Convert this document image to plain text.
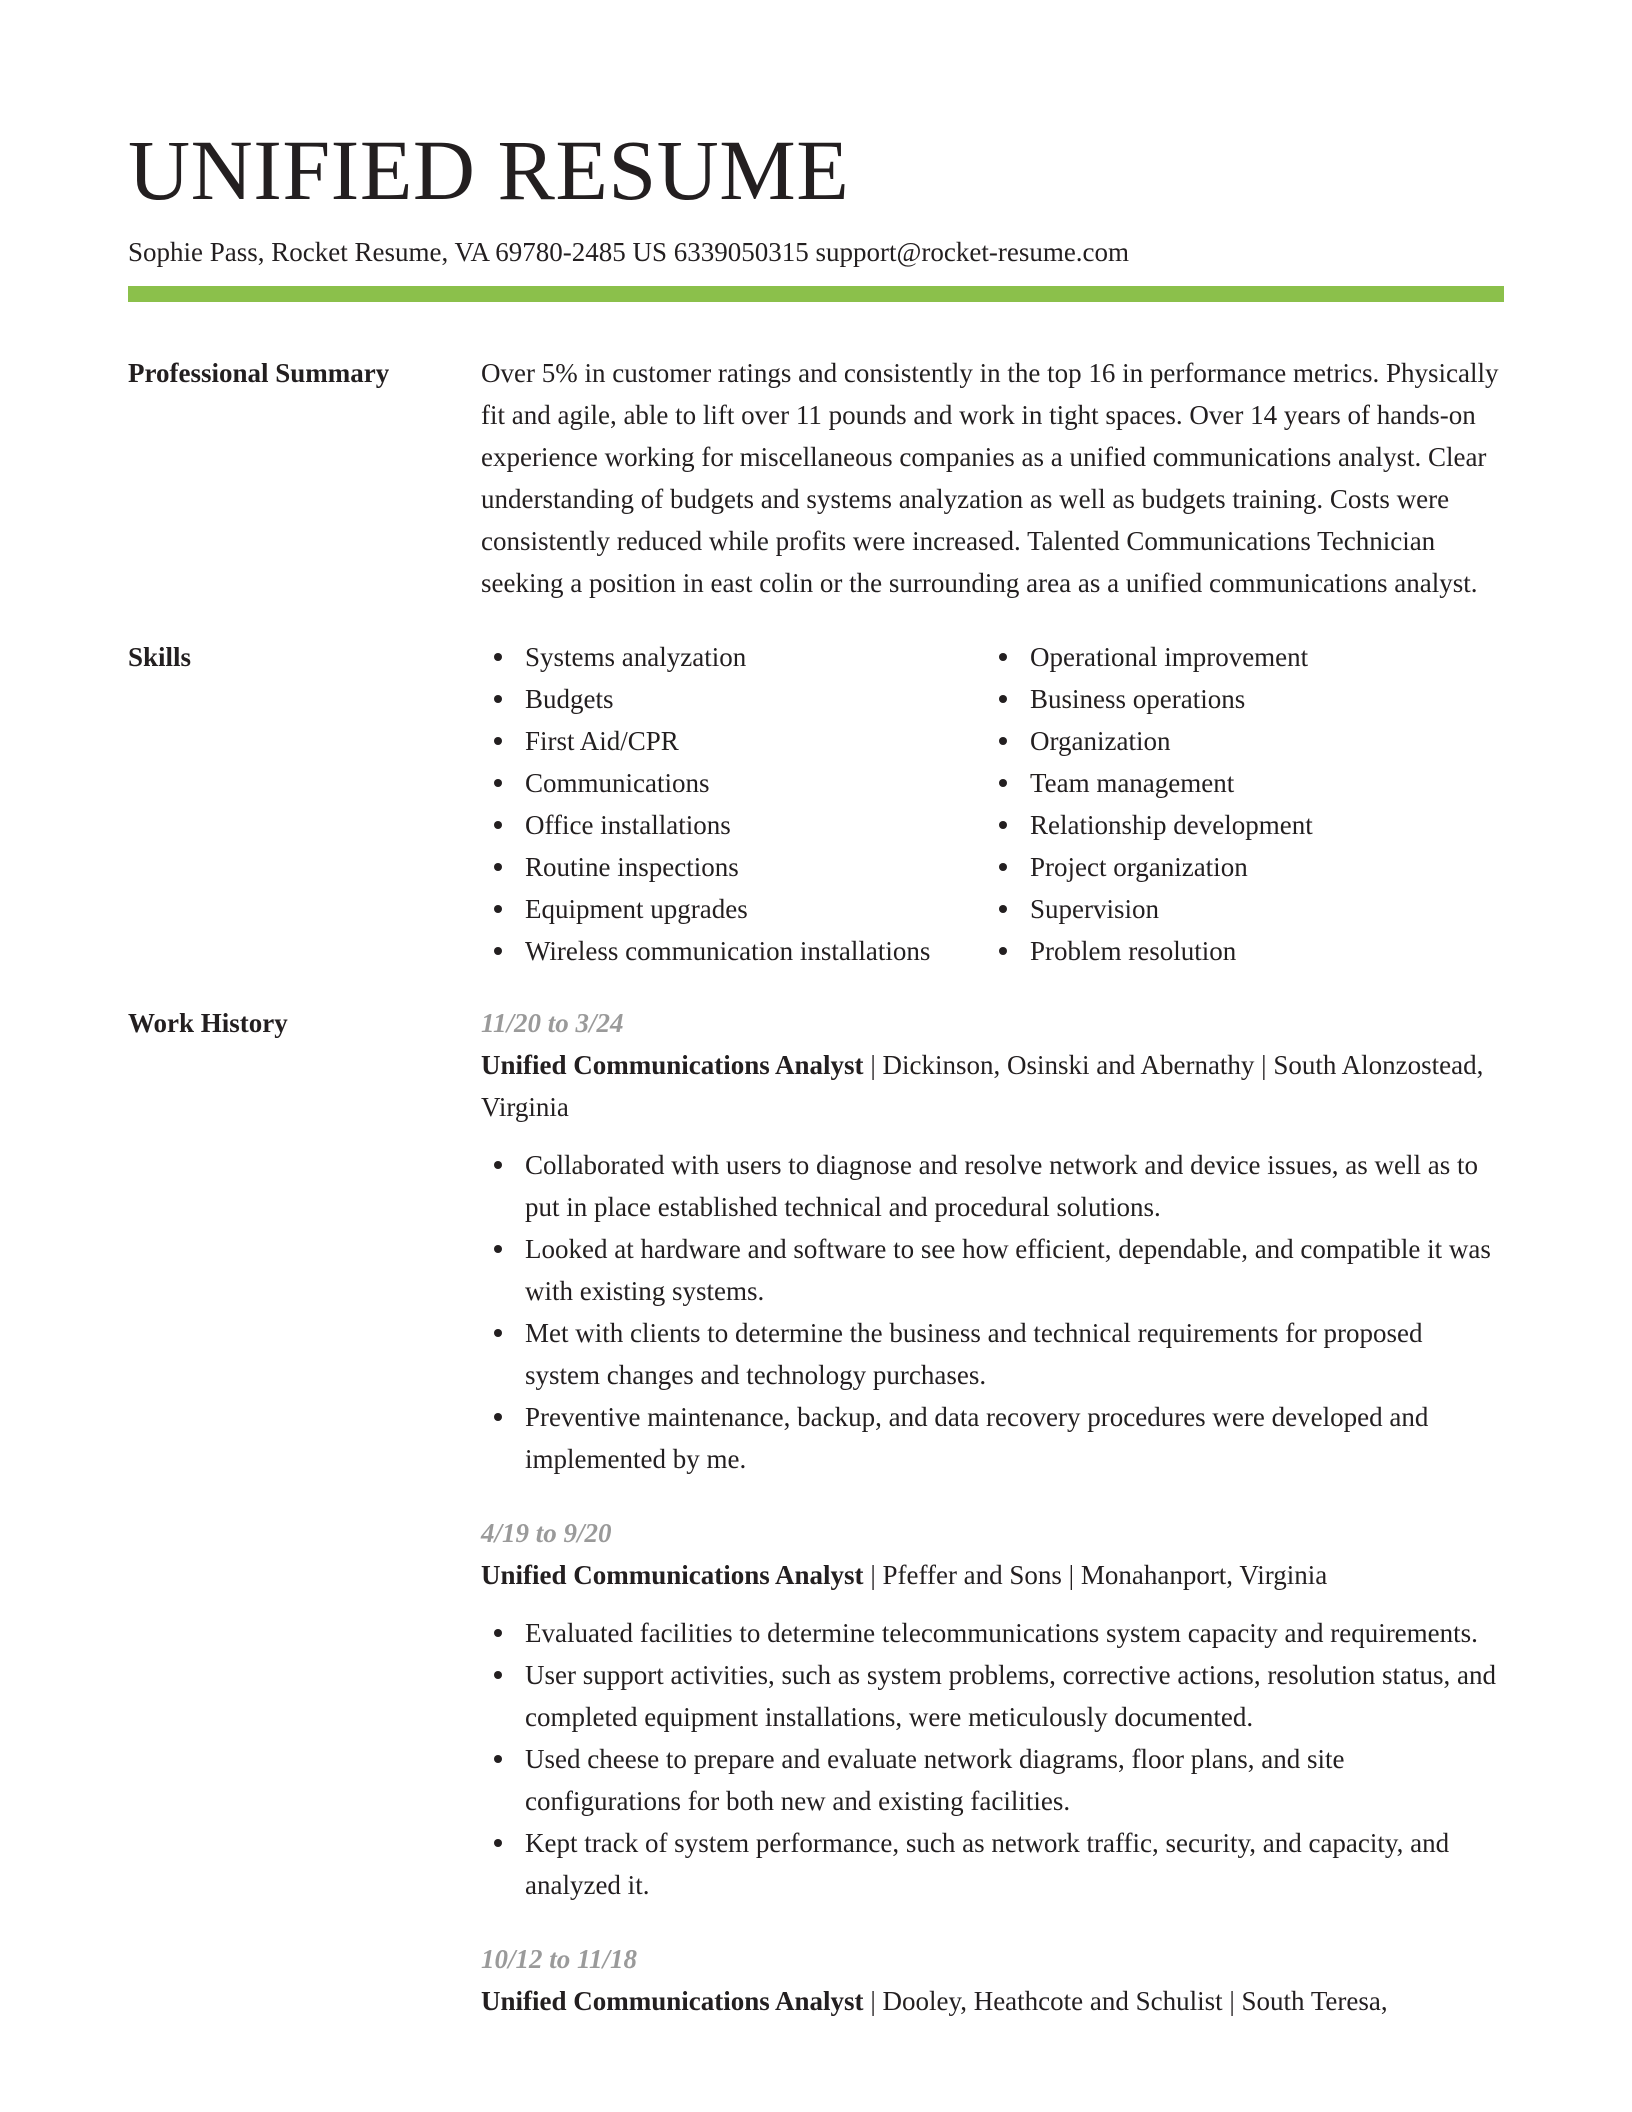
UNIFIED RESUME
Sophie Pass, Rocket Resume, VA 69780-2485 US 6339050315 support@rocket-resume.com
Professional Summary	Over 5% in customer ratings and consistently in the top 16 in performance metrics. Physically fit and agile, able to lift over 11 pounds and work in tight spaces. Over 14 years of hands-on experience working for miscellaneous companies as a unified communications analyst. Clear understanding of budgets and systems analyzation as well as budgets training. Costs were consistently reduced while profits were increased. Talented Communications Technician seeking a position in east colin or the surrounding area as a unified communications analyst.
Skills	Systems analyzation
Budgets
First Aid/CPR
Communications
Office installations
Routine inspections
Equipment upgrades
Wireless communication installations
Operational improvement
Business operations
Organization
Team management
Relationship development
Project organization
Supervision
Problem resolution
Work History	11/20 to 3/24
Unified Communications Analyst | Dickinson, Osinski and Abernathy | South Alonzostead, Virginia
Collaborated with users to diagnose and resolve network and device issues, as well as to put in place established technical and procedural solutions.
Looked at hardware and software to see how efficient, dependable, and compatible it was with existing systems.
Met with clients to determine the business and technical requirements for proposed system changes and technology purchases.
Preventive maintenance, backup, and data recovery procedures were developed and implemented by me.
4/19 to 9/20
Unified Communications Analyst | Pfeffer and Sons | Monahanport, Virginia
Evaluated facilities to determine telecommunications system capacity and requirements.
User support activities, such as system problems, corrective actions, resolution status, and completed equipment installations, were meticulously documented.
Used cheese to prepare and evaluate network diagrams, floor plans, and site configurations for both new and existing facilities.
Kept track of system performance, such as network traffic, security, and capacity, and analyzed it.
10/12 to 11/18
Unified Communications Analyst | Dooley, Heathcote and Schulist | South Teresa,
